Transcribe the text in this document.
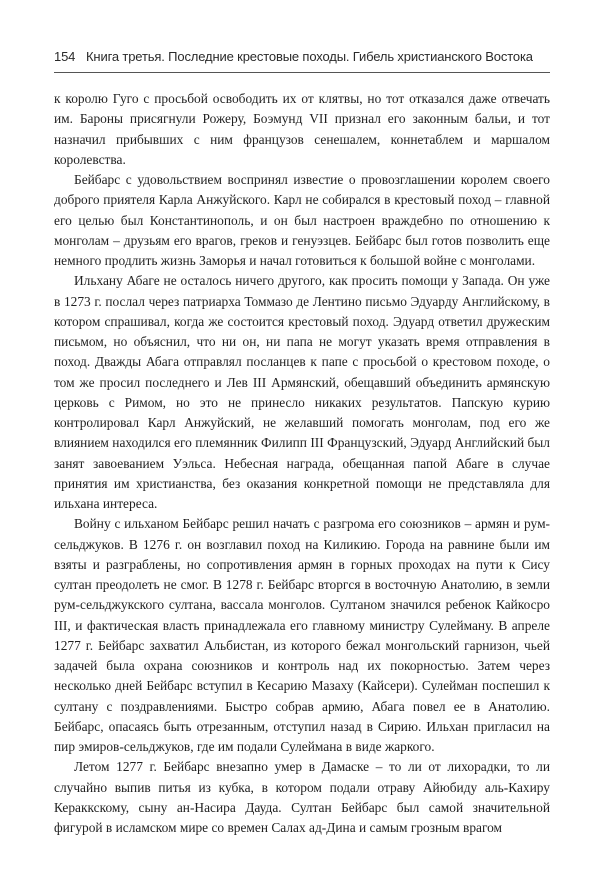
154 Книга третья. Последние крестовые походы. Гибель христианского Востока

к королю Гуго с просьбой освободить их от клятвы, но тот отказался даже отвечать им. Бароны присягнули Рожеру, Боэмунд VII признал его законным бальи, и тот назначил прибывших с ним французов сенешалем, коннетаблем и маршалом королевства.

Бейбарс с удовольствием воспринял известие о провозглашении королем своего доброго приятеля Карла Анжуйского. Карл не собирался в крестовый поход – главной его целью был Константинополь, и он был настроен враждебно по отношению к монголам – друзьям его врагов, греков и генуэзцев. Бейбарс был готов позволить еще немного продлить жизнь Заморья и начал готовиться к большой войне с монголами.

Ильхану Абаге не осталось ничего другого, как просить помощи у Запада. Он уже в 1273 г. послал через патриарха Томмазо де Лентино письмо Эдуарду Английскому, в котором спрашивал, когда же состоится крестовый поход. Эдуард ответил дружеским письмом, но объяснил, что ни он, ни папа не могут указать время отправления в поход. Дважды Абага отправлял посланцев к папе с просьбой о крестовом походе, о том же просил последнего и Лев III Армянский, обещавший объединить армянскую церковь с Римом, но это не принесло никаких результатов. Папскую курию контролировал Карл Анжуйский, не желавший помогать монголам, под его же влиянием находился его племянник Филипп III Французский, Эдуард Английский был занят завоеванием Уэльса. Небесная награда, обещанная папой Абаге в случае принятия им христианства, без оказания конкретной помощи не представляла для ильхана интереса.

Войну с ильханом Бейбарс решил начать с разгрома его союзников – армян и рум-сельджуков. В 1276 г. он возглавил поход на Киликию. Города на равнине были им взяты и разграблены, но сопротивления армян в горных проходах на пути к Сису султан преодолеть не смог. В 1278 г. Бейбарс вторгся в восточную Анатолию, в земли рум-сельджукского султана, вассала монголов. Султаном значился ребенок Кайкосро III, и фактическая власть принадлежала его главному министру Сулейману. В апреле 1277 г. Бейбарс захватил Альбистан, из которого бежал монгольский гарнизон, чьей задачей была охрана союзников и контроль над их покорностью. Затем через несколько дней Бейбарс вступил в Кесарию Мазаху (Кайсери). Сулейман поспешил к султану с поздравлениями. Быстро собрав армию, Абага повел ее в Анатолию. Бейбарс, опасаясь быть отрезанным, отступил назад в Сирию. Ильхан пригласил на пир эмиров-сельджуков, где им подали Сулеймана в виде жаркого.

Летом 1277 г. Бейбарс внезапно умер в Дамаске – то ли от лихорадки, то ли случайно выпив питья из кубка, в котором подали отраву Айюбиду аль-Кахиру Кераккскому, сыну ан-Насира Дауда. Султан Бейбарс был самой значительной фигурой в исламском мире со времен Салах ад-Дина и самым грозным врагом
